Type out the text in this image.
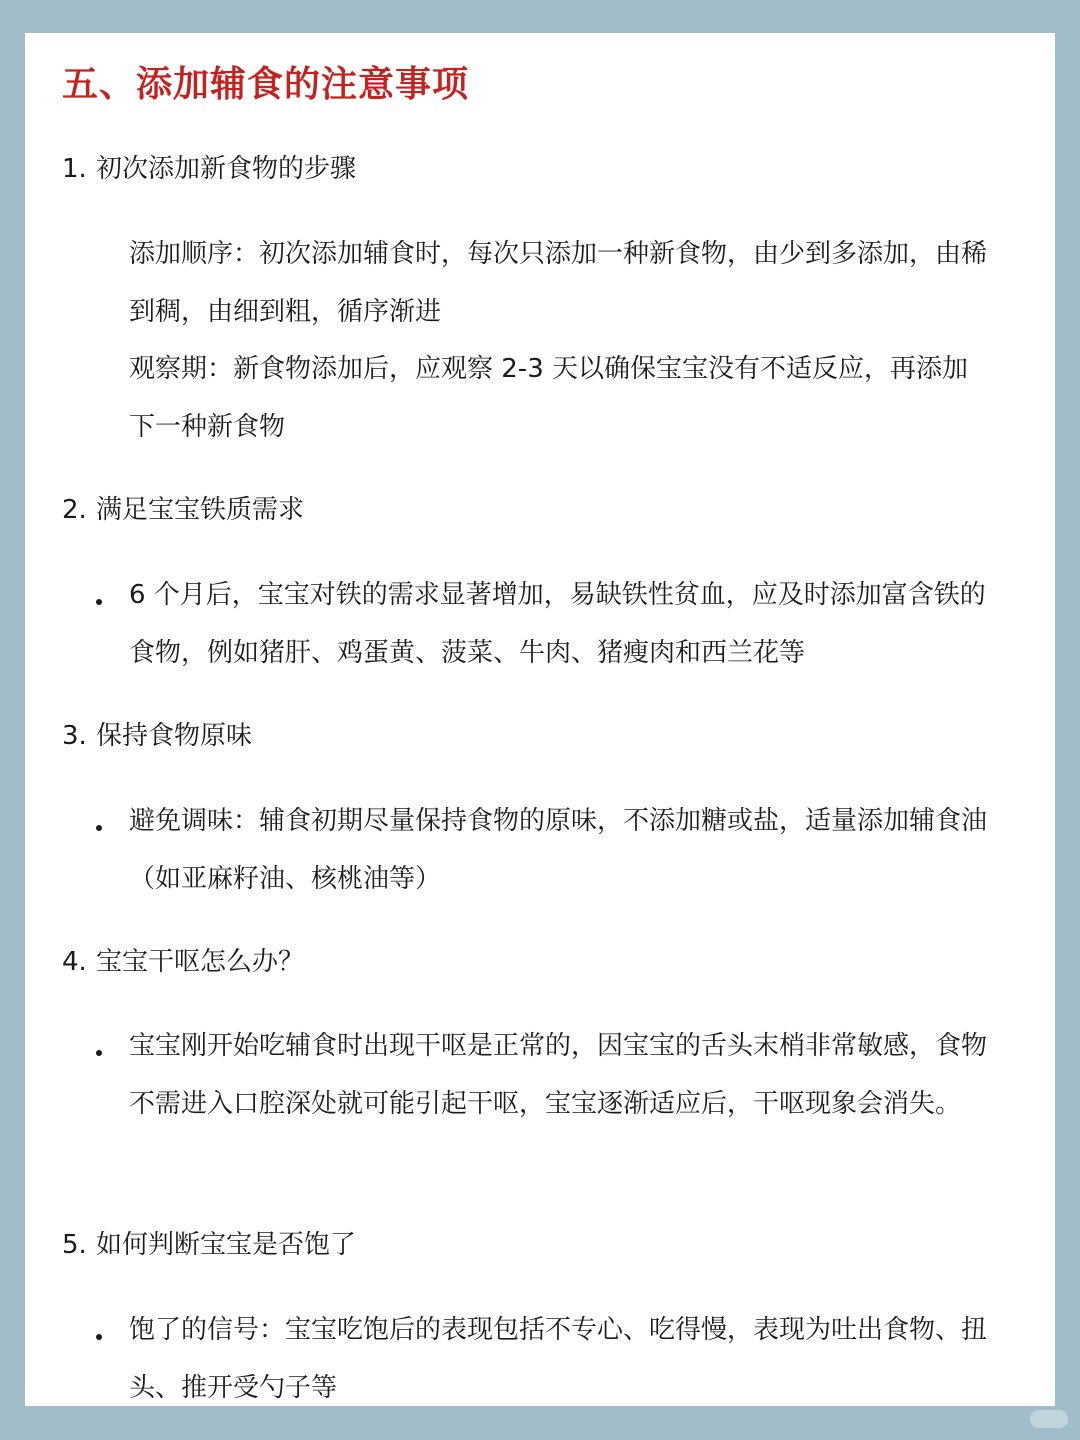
五、添加辅食的注意事项
1. 初次添加新食物的步骤

添加顺序：初次添加辅食时，每次只添加一种新食物，由少到多添加，由稀到稠，由细到粗，循序渐进

观察期：新食物添加后，应观察 2-3 天以确保宝宝没有不适反应，再添加下一种新食物

2. 满足宝宝铁质需求

6 个月后，宝宝对铁的需求显著增加，易缺铁性贫血，应及时添加富含铁的食物，例如猪肝、鸡蛋黄、菠菜、牛肉、猪瘦肉和西兰花等

3. 保持食物原味

避免调味：辅食初期尽量保持食物的原味，不添加糖或盐，适量添加辅食油（如亚麻籽油、核桃油等）

4. 宝宝干呕怎么办？

宝宝刚开始吃辅食时出现干呕是正常的，因宝宝的舌头末梢非常敏感，食物不需进入口腔深处就可能引起干呕，宝宝逐渐适应后，干呕现象会消失。

5. 如何判断宝宝是否饱了

饱了的信号：宝宝吃饱后的表现包括不专心、吃得慢，表现为吐出食物、扭头、推开受勺子等
